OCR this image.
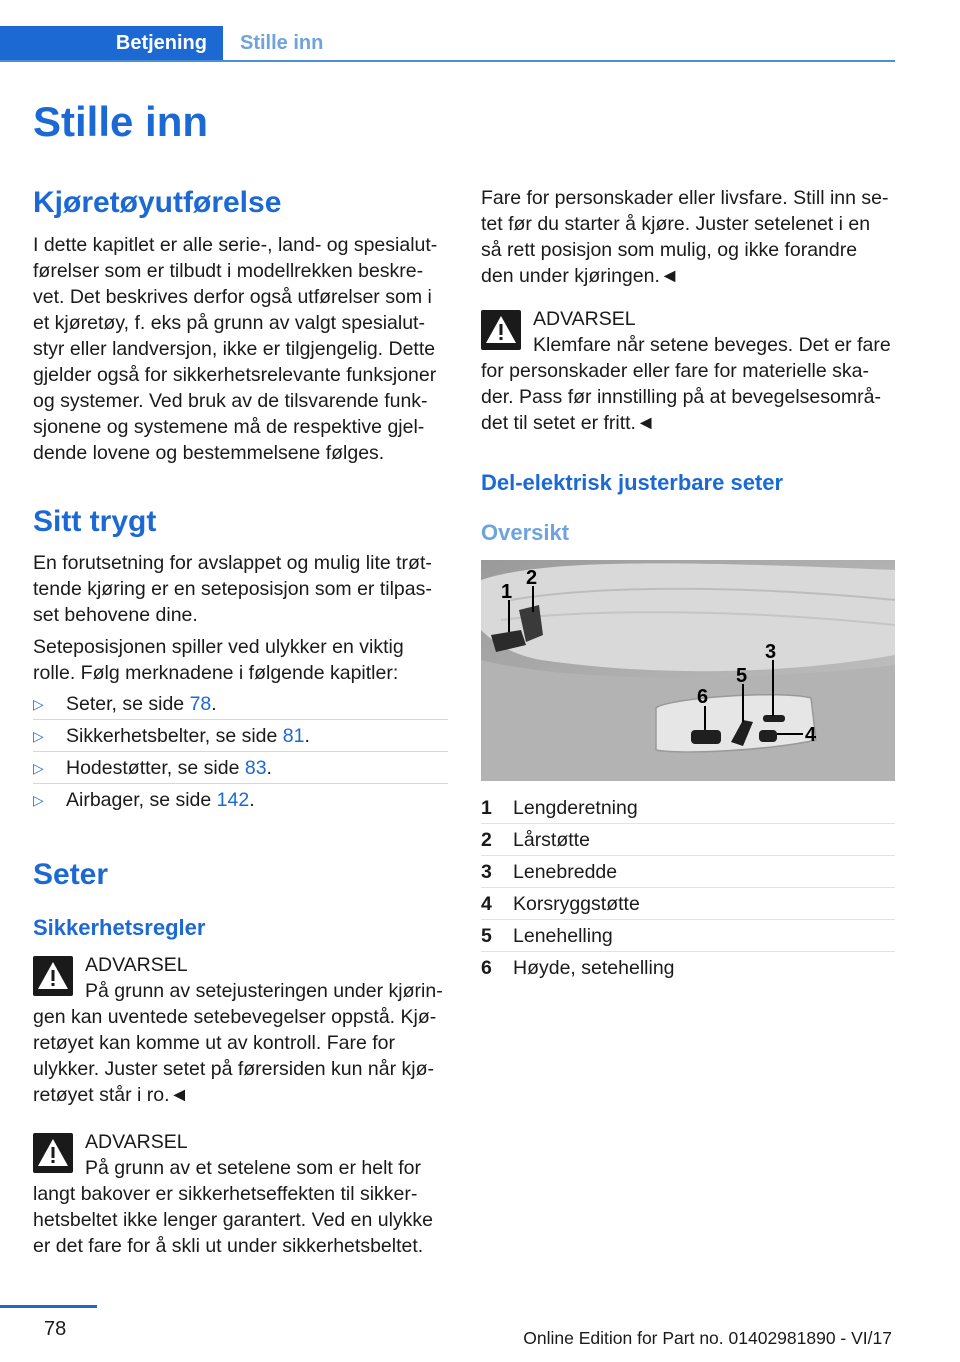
Betjening	Stille inn
Stille inn
Kjøretøyutførelse
I dette kapitlet er alle serie-, land- og spesialut-
førelser som er tilbudt i modellrekken beskre-
vet. Det beskrives derfor også utførelser som i
et kjøretøy, f. eks på grunn av valgt spesialut-
styr eller landversjon, ikke er tilgjengelig. Dette
gjelder også for sikkerhetsrelevante funksjoner
og systemer. Ved bruk av de tilsvarende funk-
sjonene og systemene må de respektive gjel-
dende lovene og bestemmelsene følges.
Sitt trygt
En forutsetning for avslappet og mulig lite trøt-
tende kjøring er en seteposisjon som er tilpas-
set behovene dine.
Seteposisjonen spiller ved ulykker en viktig
rolle. Følg merknadene i følgende kapitler:
▷ Seter, se side 78.
▷ Sikkerhetsbelter, se side 81.
▷ Hodestøtter, se side 83.
▷ Airbager, se side 142.
Seter
Sikkerhetsregler
ADVARSEL
På grunn av setejusteringen under kjørin-
gen kan uventede setebevegelser oppstå. Kjø-
retøyet kan komme ut av kontroll. Fare for
ulykker. Juster setet på førersiden kun når kjø-
retøyet står i ro.◄
ADVARSEL
På grunn av et setelene som er helt for
langt bakover er sikkerhetseffekten til sikker-
hetsbeltet ikke lenger garantert. Ved en ulykke
er det fare for å skli ut under sikkerhetsbeltet.
Fare for personskader eller livsfare. Still inn se-
tet før du starter å kjøre. Juster setelenet i en
så rett posisjon som mulig, og ikke forandre
den under kjøringen.◄
ADVARSEL
Klemfare når setene beveges. Det er fare
for personskader eller fare for materielle ska-
der. Pass før innstilling på at bevegelsesområ-
det til setet er fritt.◄
Del-elektrisk justerbare seter
Oversikt
1
2
3
4
5
6
1	Lengderetning
2	Lårstøtte
3	Lenebredde
4	Korsryggstøtte
5	Lenehelling
6	Høyde, setehelling
78	Online Edition for Part no. 01402981890 - VI/17
